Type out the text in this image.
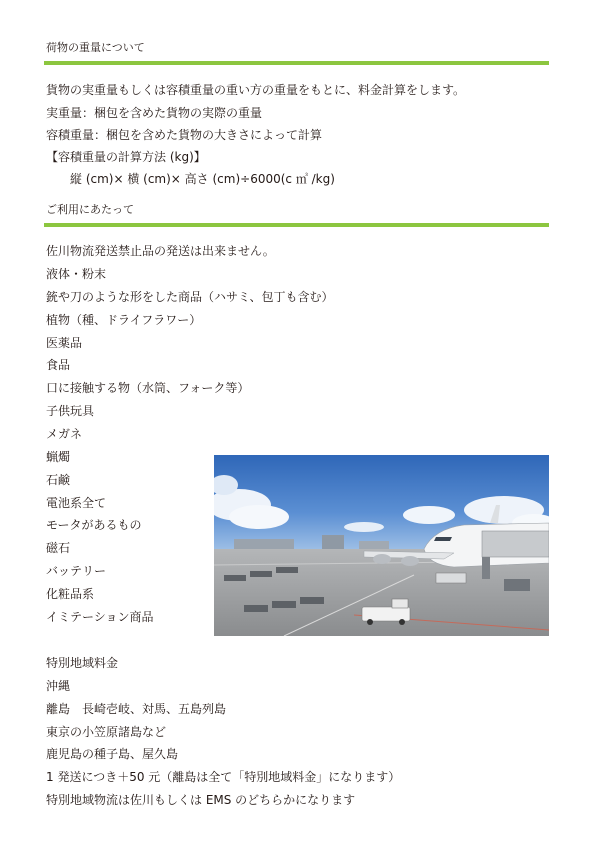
荷物の重量について
貨物の実重量もしくは容積重量の重い方の重量をもとに、料金計算をします。
実重量：梱包を含めた貨物の実際の重量
容積重量：梱包を含めた貨物の大きさによって計算
【容積重量の計算方法 (kg)】
縦 (cm)× 横 (cm)× 高さ (cm)÷6000(c ㎥ /kg)
ご利用にあたって
佐川物流発送禁止品の発送は出来ません。
液体・粉末
銃や刀のような形をした商品（ハサミ、包丁も含む）
植物（種、ドライフラワー）
医薬品
食品
口に接触する物（水筒、フォーク等）
子供玩具
メガネ
蝋燭
石鹸
電池系全て
モータがあるもの
磁石
バッテリー
化粧品系
イミテーション商品
特別地域料金
沖縄
離島　長崎壱岐、対馬、五島列島
東京の小笠原諸島など
鹿児島の種子島、屋久島
1 発送につき＋50 元（離島は全て「特別地域料金」になります）
特別地域物流は佐川もしくは EMS のどちらかになります
